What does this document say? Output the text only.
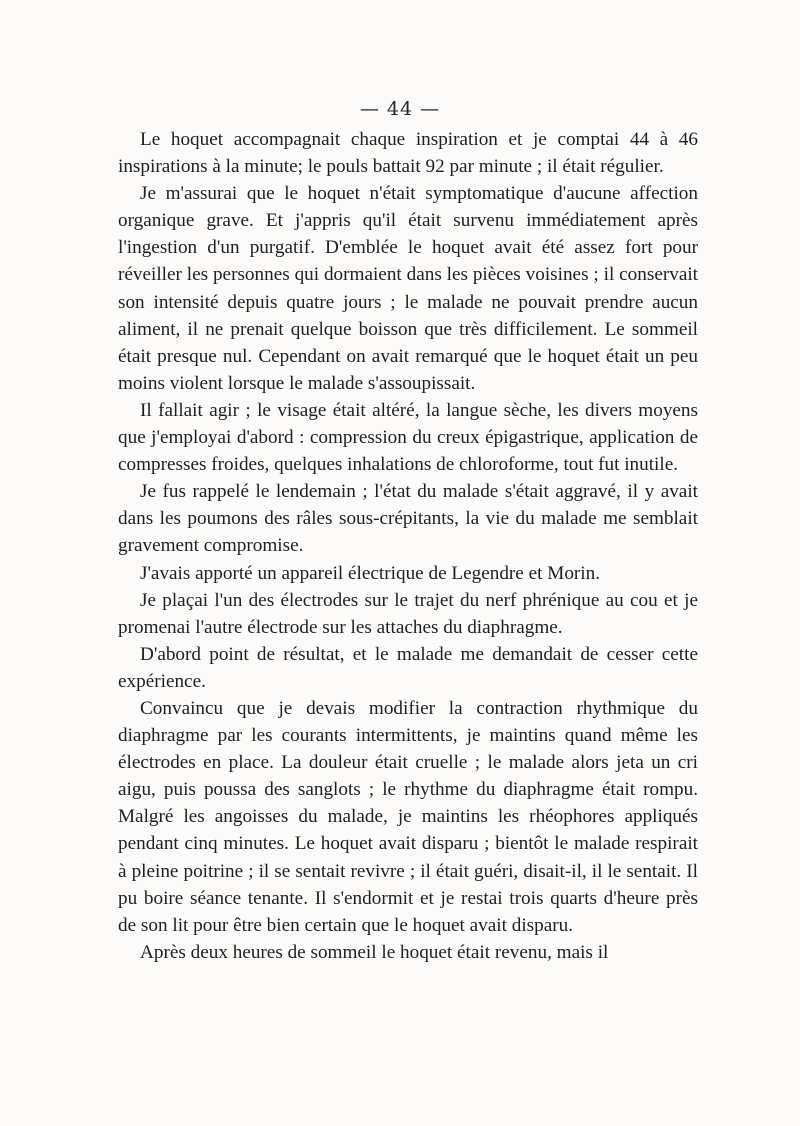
— 44 —

Le hoquet accompagnait chaque inspiration et je comptai 44 à 46 inspirations à la minute; le pouls battait 92 par minute ; il était régulier.

Je m'assurai que le hoquet n'était symptomatique d'aucune affection organique grave. Et j'appris qu'il était survenu immédiatement après l'ingestion d'un purgatif. D'emblée le hoquet avait été assez fort pour réveiller les personnes qui dormaient dans les pièces voisines ; il conservait son intensité depuis quatre jours ; le malade ne pouvait prendre aucun aliment, il ne prenait quelque boisson que très difficilement. Le sommeil était presque nul. Cependant on avait remarqué que le hoquet était un peu moins violent lorsque le malade s'assoupissait.

Il fallait agir ; le visage était altéré, la langue sèche, les divers moyens que j'employai d'abord : compression du creux épigastrique, application de compresses froides, quelques inhalations de chloroforme, tout fut inutile.

Je fus rappelé le lendemain ; l'état du malade s'était aggravé, il y avait dans les poumons des râles sous-crépitants, la vie du malade me semblait gravement compromise.

J'avais apporté un appareil électrique de Legendre et Morin.

Je plaçai l'un des électrodes sur le trajet du nerf phrénique au cou et je promenai l'autre électrode sur les attaches du diaphragme.

D'abord point de résultat, et le malade me demandait de cesser cette expérience.

Convaincu que je devais modifier la contraction rhythmique du diaphragme par les courants intermittents, je maintins quand même les électrodes en place. La douleur était cruelle ; le malade alors jeta un cri aigu, puis poussa des sanglots ; le rhythme du diaphragme était rompu. Malgré les angoisses du malade, je maintins les rhéophores appliqués pendant cinq minutes. Le hoquet avait disparu ; bientôt le malade respirait à pleine poitrine ; il se sentait revivre ; il était guéri, disait-il, il le sentait. Il pu boire séance tenante. Il s'endormit et je restai trois quarts d'heure près de son lit pour être bien certain que le hoquet avait disparu.

Après deux heures de sommeil le hoquet était revenu, mais il
